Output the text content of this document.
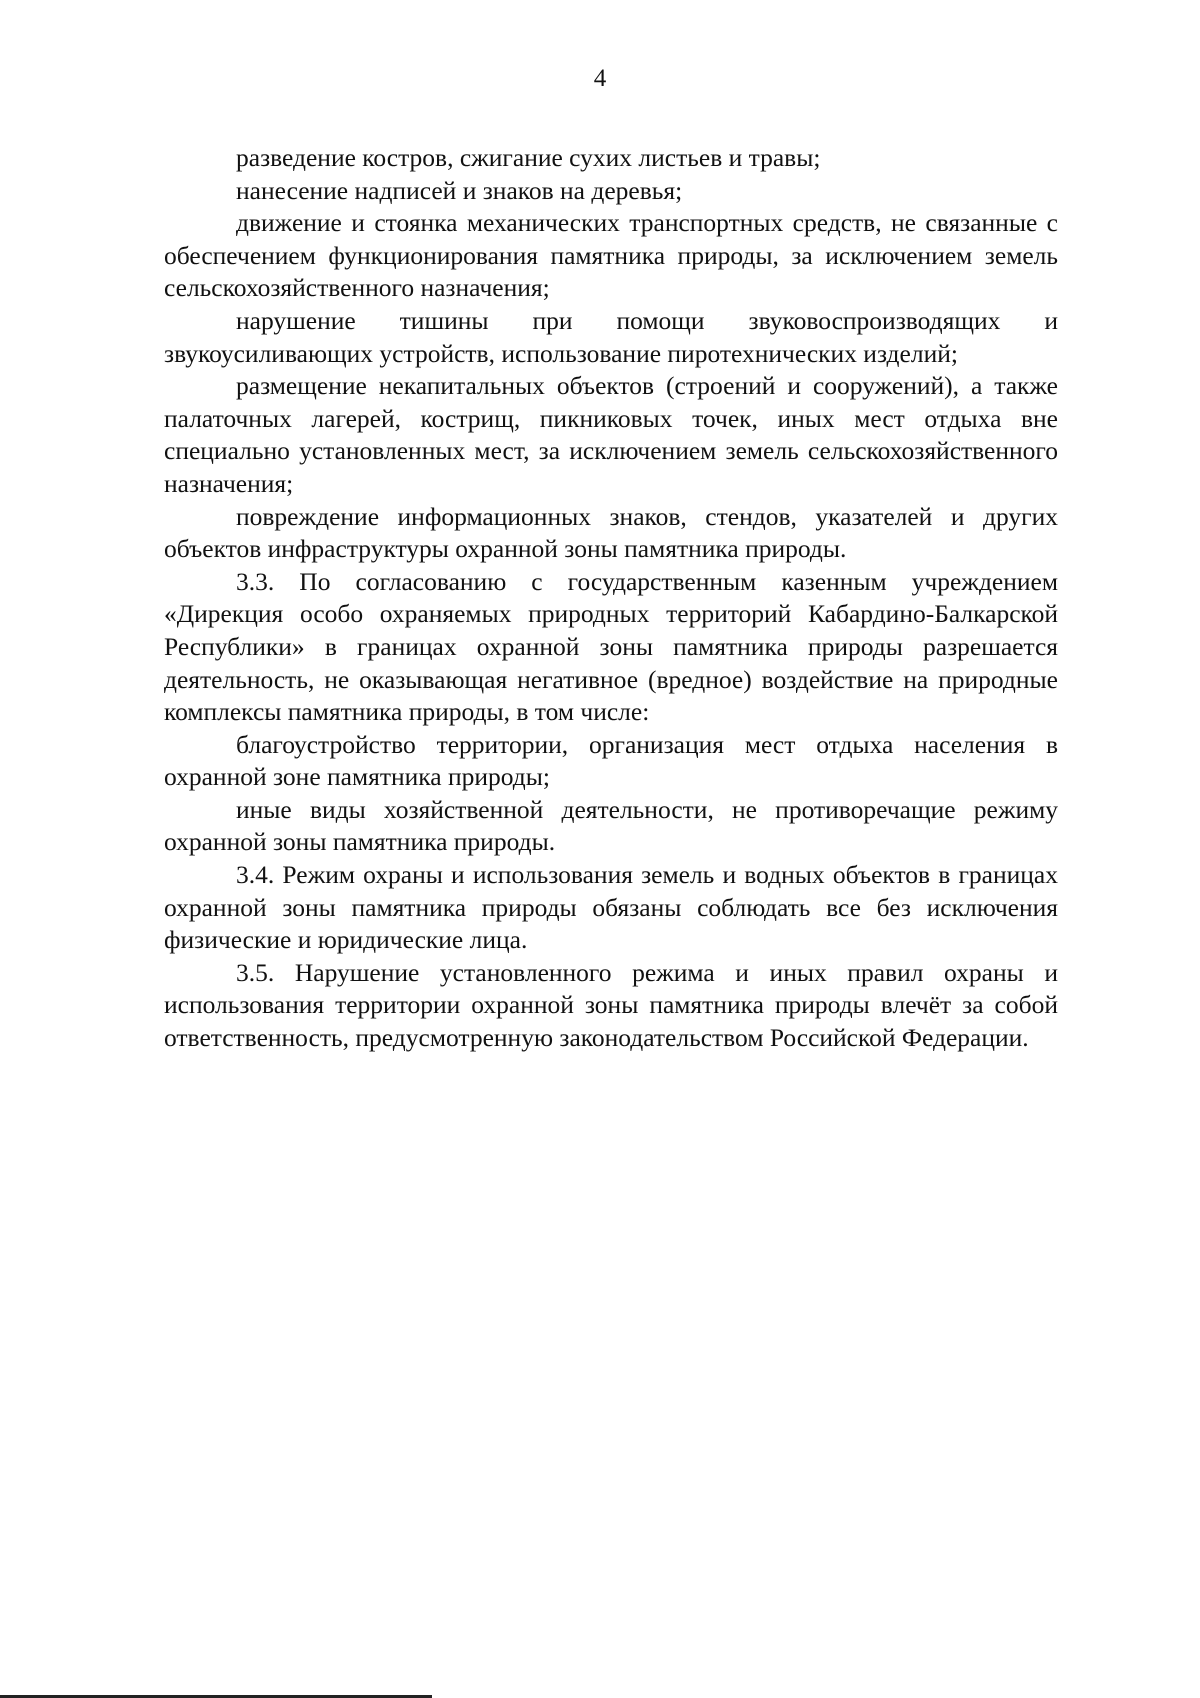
4

разведение костров, сжигание сухих листьев и травы;

нанесение надписей и знаков на деревья;

движение и стоянка механических транспортных средств, не связанные с обеспечением функционирования памятника природы, за исключением земель сельскохозяйственного назначения;

нарушение тишины при помощи звуковоспроизводящих и звукоусиливающих устройств, использование пиротехнических изделий;

размещение некапитальных объектов (строений и сооружений), а также палаточных лагерей, кострищ, пикниковых точек, иных мест отдыха вне специально установленных мест, за исключением земель сельскохозяйственного назначения;

повреждение информационных знаков, стендов, указателей и других объектов инфраструктуры охранной зоны памятника природы.

3.3. По согласованию с государственным казенным учреждением «Дирекция особо охраняемых природных территорий Кабардино-Балкарской Республики» в границах охранной зоны памятника природы разрешается деятельность, не оказывающая негативное (вредное) воздействие на природные комплексы памятника природы, в том числе:

благоустройство территории, организация мест отдыха населения в охранной зоне памятника природы;

иные виды хозяйственной деятельности, не противоречащие режиму охранной зоны памятника природы.

3.4. Режим охраны и использования земель и водных объектов в границах охранной зоны памятника природы обязаны соблюдать все без исключения физические и юридические лица.

3.5. Нарушение установленного режима и иных правил охраны и использования территории охранной зоны памятника природы влечёт за собой ответственность, предусмотренную законодательством Российской Федерации.
